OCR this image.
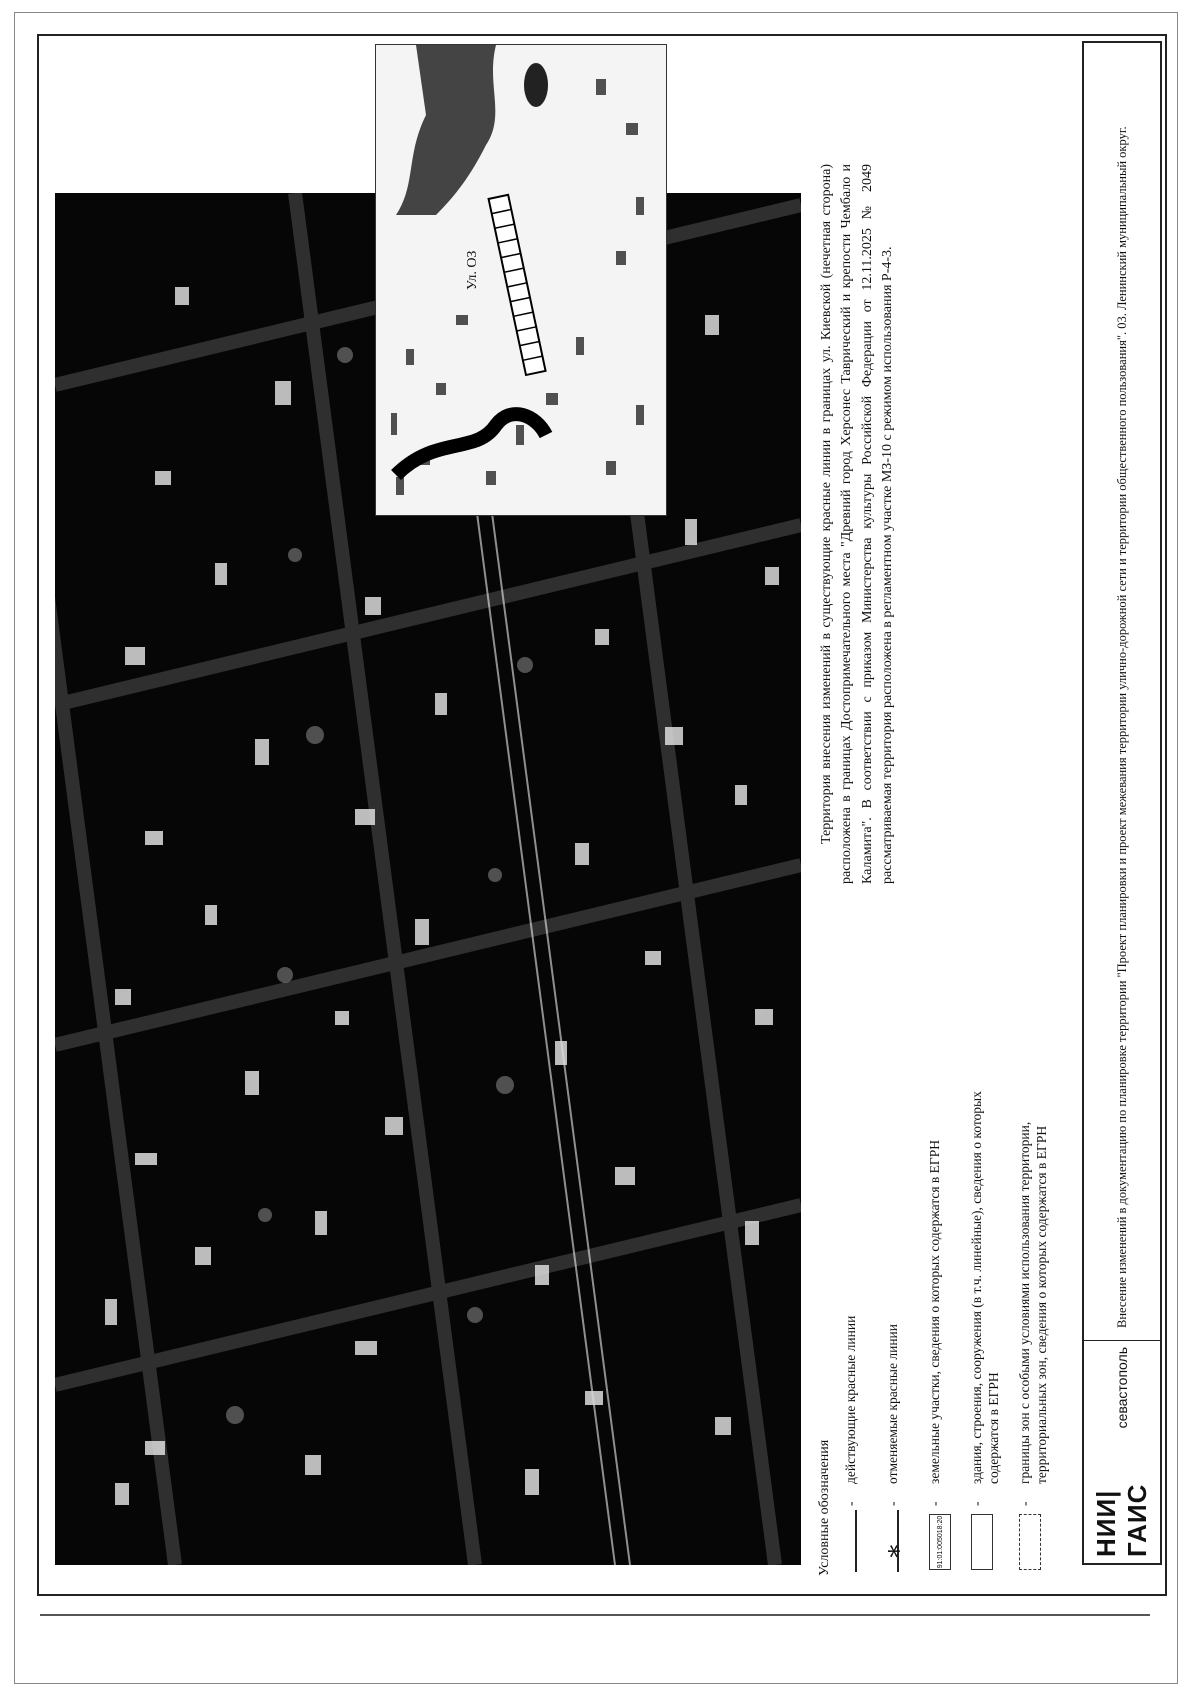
Ул. ОЗ

Условные обозначения -
действующие красные линии
∗
-
отменяемые красные линии
91:01:005018:20
-
земельные участки, сведения о которых содержатся в ЕГРН
-
здания, строения, сооружения (в т.ч. линейные), сведения о которых содержатся в ЕГРН
-
границы зон с особыми условиями использования территории, территориальных зон, сведения о которых содержатся в ЕГРН
Территория внесения изменений в существующие красные линии в границах ул. Киевской (нечетная сторона) расположена в границах Достопримечательного места "Древний город Херсонес Таврический и крепости Чембало и Каламита". В соответствии с приказом Министерства культуры Российской Федерации от 12.11.2025 № 2049 рассматриваемая территория расположена в регламентном участке МЗ-10 с режимом использования Р-4-3.
НИИ|ГАИС
севастополь
Внесение изменений в документацию по планировке территории "Проект планировки и проект межевания территории улично-дорожной сети и территории общественного пользования". 03. Ленинский муниципальный округ.
